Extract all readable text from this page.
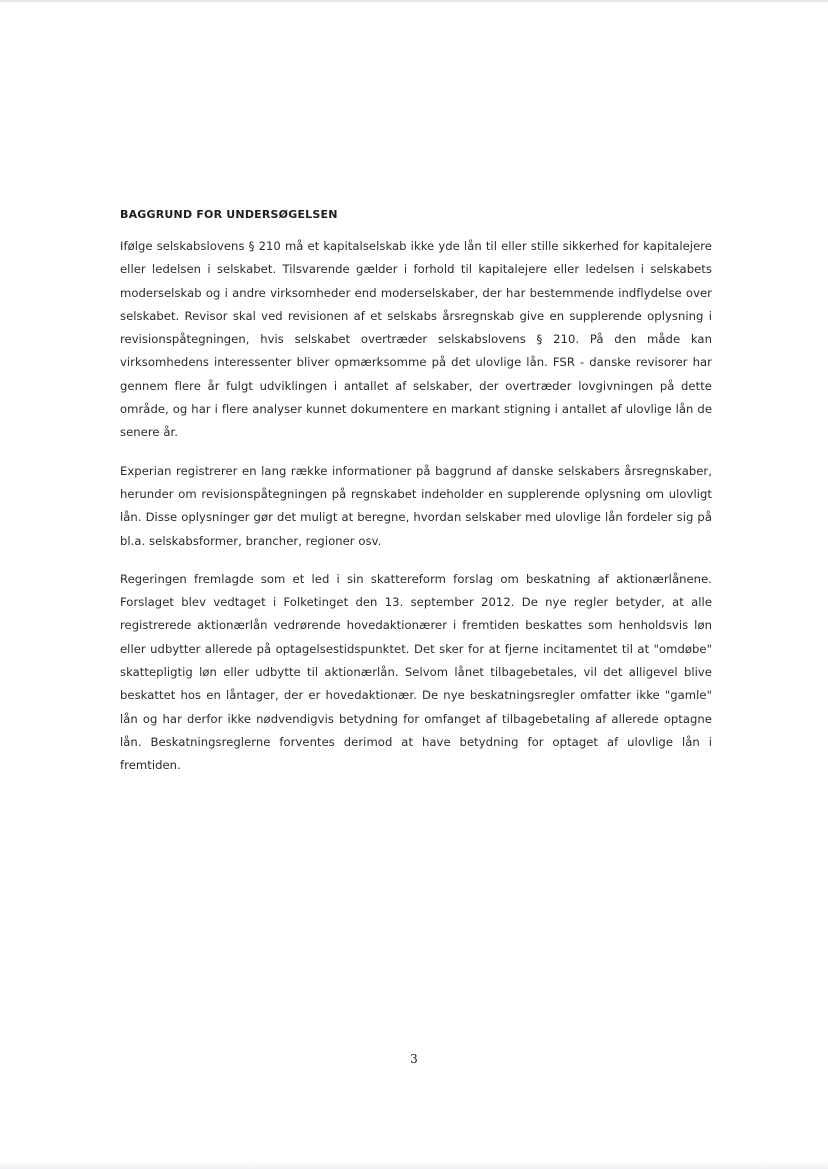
BAGGRUND FOR UNDERSØGELSEN

Ifølge selskabslovens § 210 må et kapitalselskab ikke yde lån til eller stille sikkerhed for kapitalejere eller ledelsen i selskabet. Tilsvarende gælder i forhold til kapitalejere eller ledelsen i selskabets moderselskab og i andre virksomheder end moderselskaber, der har bestemmende indflydelse over selskabet. Revisor skal ved revisionen af et selskabs årsregnskab give en supplerende oplysning i revisionspåtegningen, hvis selskabet overtræder selskabslovens § 210. På den måde kan virksomhedens interessenter bliver opmærksomme på det ulovlige lån. FSR - danske revisorer har gennem flere år fulgt udviklingen i antallet af selskaber, der overtræder lovgivningen på dette område, og har i flere analyser kunnet dokumentere en markant stigning i antallet af ulovlige lån de senere år.

Experian registrerer en lang række informationer på baggrund af danske selskabers årsregnskaber, herunder om revisionspåtegningen på regnskabet indeholder en supplerende oplysning om ulovligt lån. Disse oplysninger gør det muligt at beregne, hvordan selskaber med ulovlige lån fordeler sig på bl.a. selskabsformer, brancher, regioner osv.

Regeringen fremlagde som et led i sin skattereform forslag om beskatning af aktionærlånene. Forslaget blev vedtaget i Folketinget den 13. september 2012. De nye regler betyder, at alle registrerede aktionærlån vedrørende hovedaktionærer i fremtiden beskattes som henholdsvis løn eller udbytter allerede på optagelsestidspunktet. Det sker for at fjerne incitamentet til at "omdøbe" skattepligtig løn eller udbytte til aktionærlån. Selvom lånet tilbagebetales, vil det alligevel blive beskattet hos en låntager, der er hovedaktionær. De nye beskatningsregler omfatter ikke "gamle" lån og har derfor ikke nødvendigvis betydning for omfanget af tilbagebetaling af allerede optagne lån. Beskatningsreglerne forventes derimod at have betydning for optaget af ulovlige lån i fremtiden.

3
